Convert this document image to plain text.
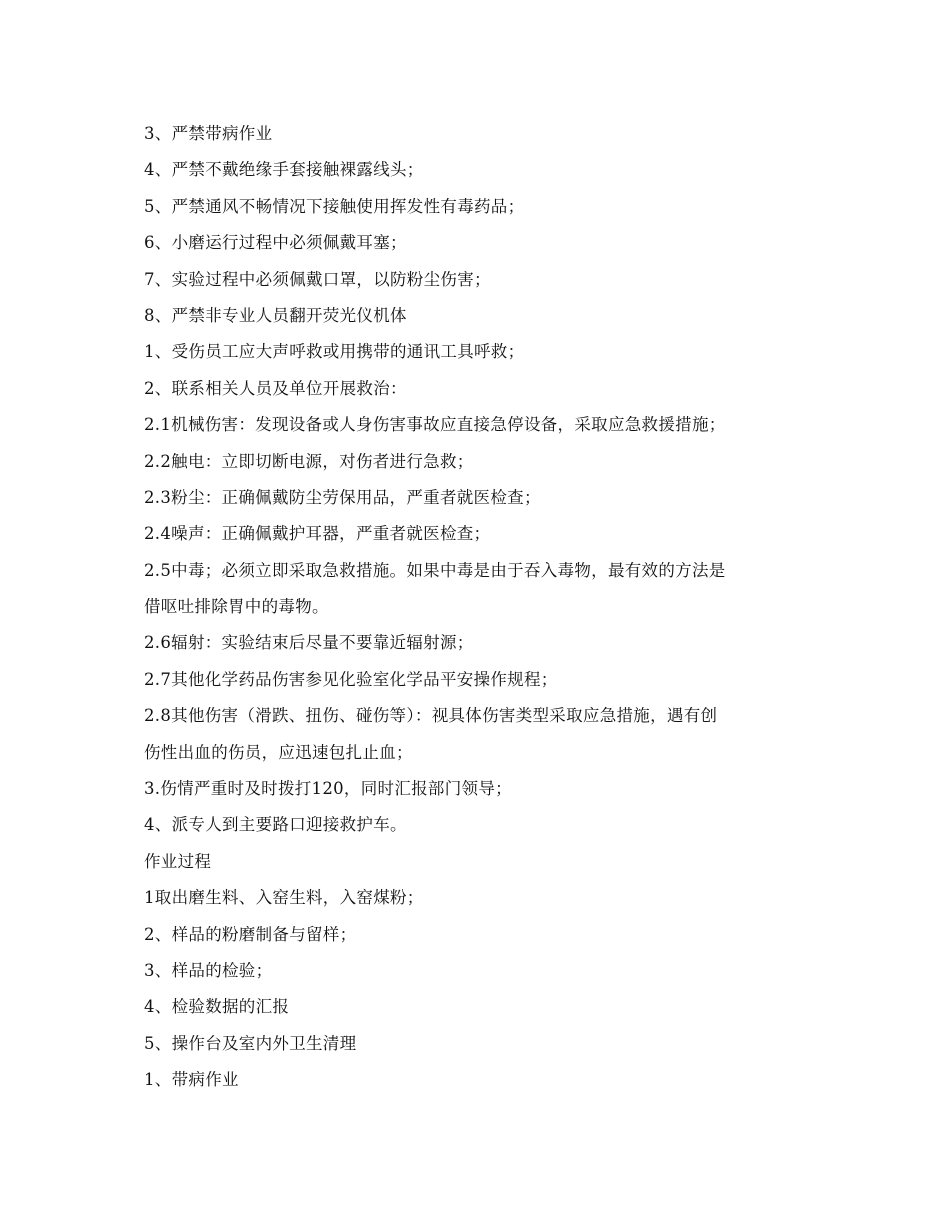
3、严禁带病作业
4、严禁不戴绝缘手套接触裸露线头；
5、严禁通风不畅情况下接触使用挥发性有毒药品；
6、小磨运行过程中必须佩戴耳塞；
7、实验过程中必须佩戴口罩，以防粉尘伤害；
8、严禁非专业人员翻开荧光仪机体
1、受伤员工应大声呼救或用携带的通讯工具呼救；
2、联系相关人员及单位开展救治：
2.1机械伤害：发现设备或人身伤害事故应直接急停设备，采取应急救援措施；
2.2触电：立即切断电源，对伤者进行急救；
2.3粉尘：正确佩戴防尘劳保用品，严重者就医检查；
2.4噪声：正确佩戴护耳器，严重者就医检查；
2.5中毒；必须立即采取急救措施。如果中毒是由于吞入毒物，最有效的方法是
借呕吐排除胃中的毒物。
2.6辐射：实验结束后尽量不要靠近辐射源；
2.7其他化学药品伤害参见化验室化学品平安操作规程；
2.8其他伤害（滑跌、扭伤、碰伤等）：视具体伤害类型采取应急措施，遇有创
伤性出血的伤员，应迅速包扎止血；
3.伤情严重时及时拨打120，同时汇报部门领导；
4、派专人到主要路口迎接救护车。
作业过程
1取出磨生料、入窑生料，入窑煤粉；
2、样品的粉磨制备与留样；
3、样品的检验；
4、检验数据的汇报
5、操作台及室内外卫生清理
1、带病作业
